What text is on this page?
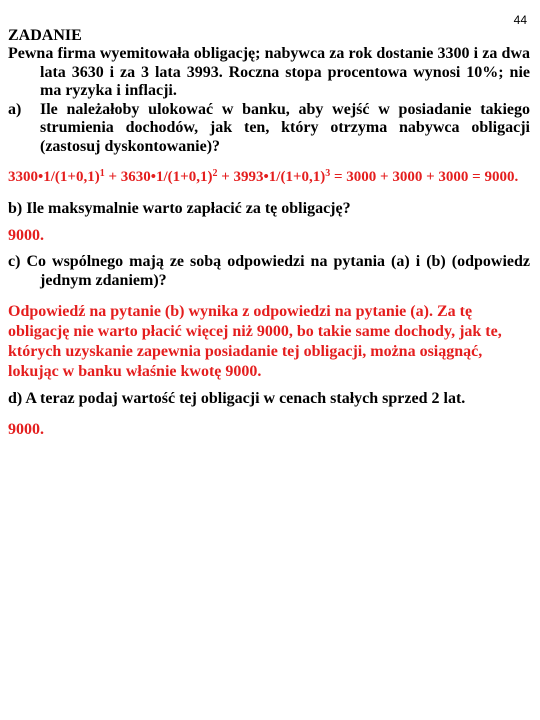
44
ZADANIE
Pewna firma wyemitowała obligację; nabywca za rok dostanie 3300 i za dwa lata 3630 i za 3 lata 3993. Roczna stopa procentowa wynosi 10%; nie ma ryzyka i inflacji.
a)	Ile należałoby ulokować w banku, aby wejść w posiadanie takiego strumienia dochodów, jak ten, który otrzyma nabywca obligacji (zastosuj dyskontowanie)?
$3300•1/(1+0,1)^1$ + $3630•1/(1+0,1)^2$ + $3993•1/(1+0,1)^3 = 3000 + 3000 + 3000 = 9000$.
b) Ile maksymalnie warto zapłacić za tę obligację?
9000.
c) Co wspólnego mają ze sobą odpowiedzi na pytania (a) i (b) (odpowiedz jednym zdaniem)?
Odpowiedź na pytanie (b) wynika z odpowiedzi na pytanie (a). Za tę obligację nie warto płacić więcej niż 9000, bo takie same dochody, jak te, których uzyskanie zapewnia posiadanie tej obligacji, można osiągnąć, lokując w banku właśnie kwotę 9000.
d) A teraz podaj wartość tej obligacji w cenach stałych sprzed 2 lat.
9000.
